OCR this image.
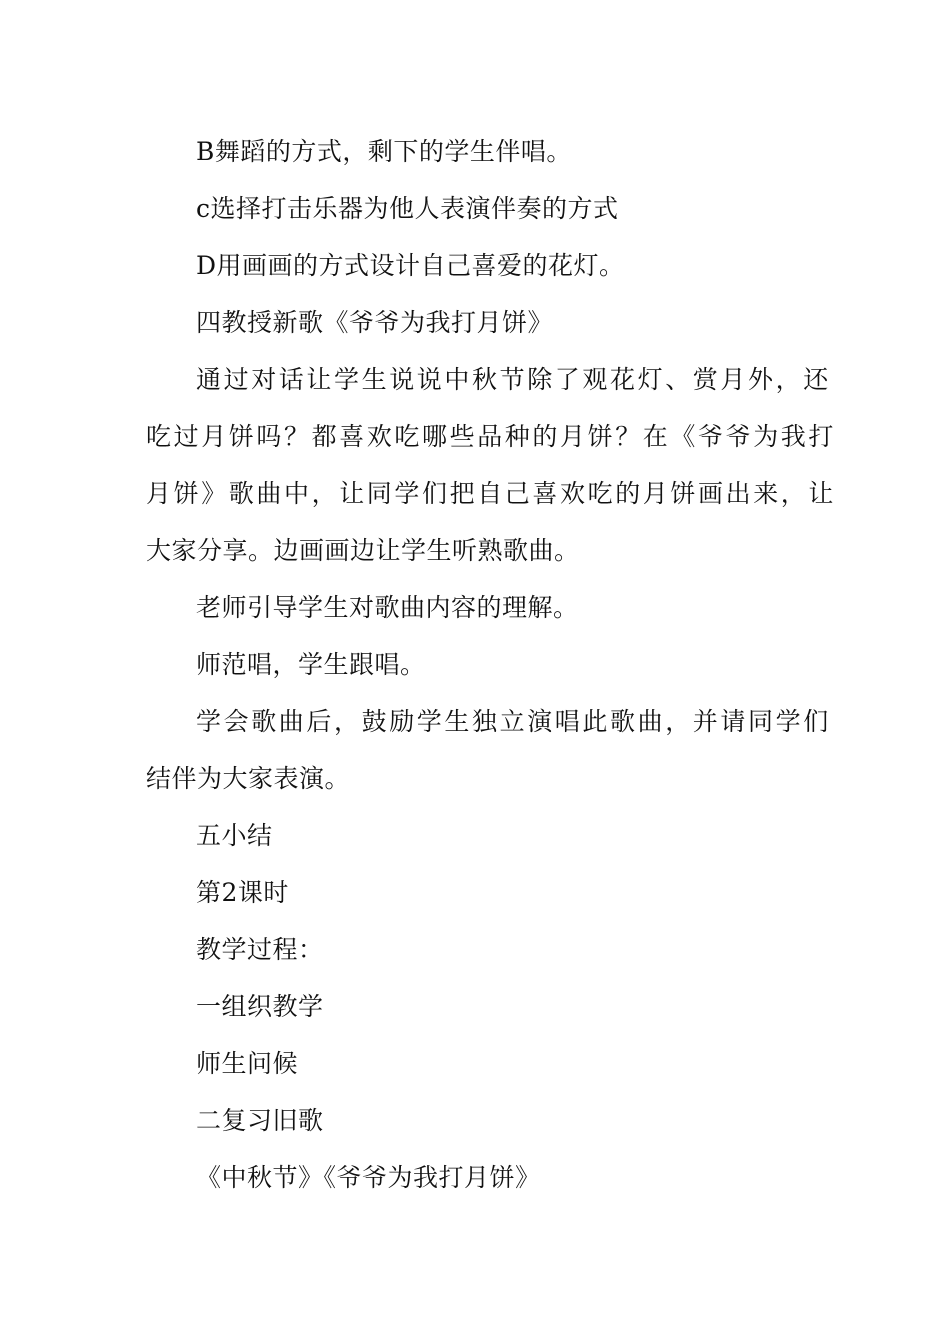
B舞蹈的方式，剩下的学生伴唱。
c选择打击乐器为他人表演伴奏的方式
D用画画的方式设计自己喜爱的花灯。
四教授新歌《爷爷为我打月饼》
通过对话让学生说说中秋节除了观花灯、赏月外，还
吃过月饼吗？都喜欢吃哪些品种的月饼？在《爷爷为我打
月饼》歌曲中，让同学们把自己喜欢吃的月饼画出来，让
大家分享。边画画边让学生听熟歌曲。
老师引导学生对歌曲内容的理解。
师范唱，学生跟唱。
学会歌曲后，鼓励学生独立演唱此歌曲，并请同学们
结伴为大家表演。
五小结
第2课时
教学过程：
一组织教学
师生问候
二复习旧歌
《中秋节》《爷爷为我打月饼》
